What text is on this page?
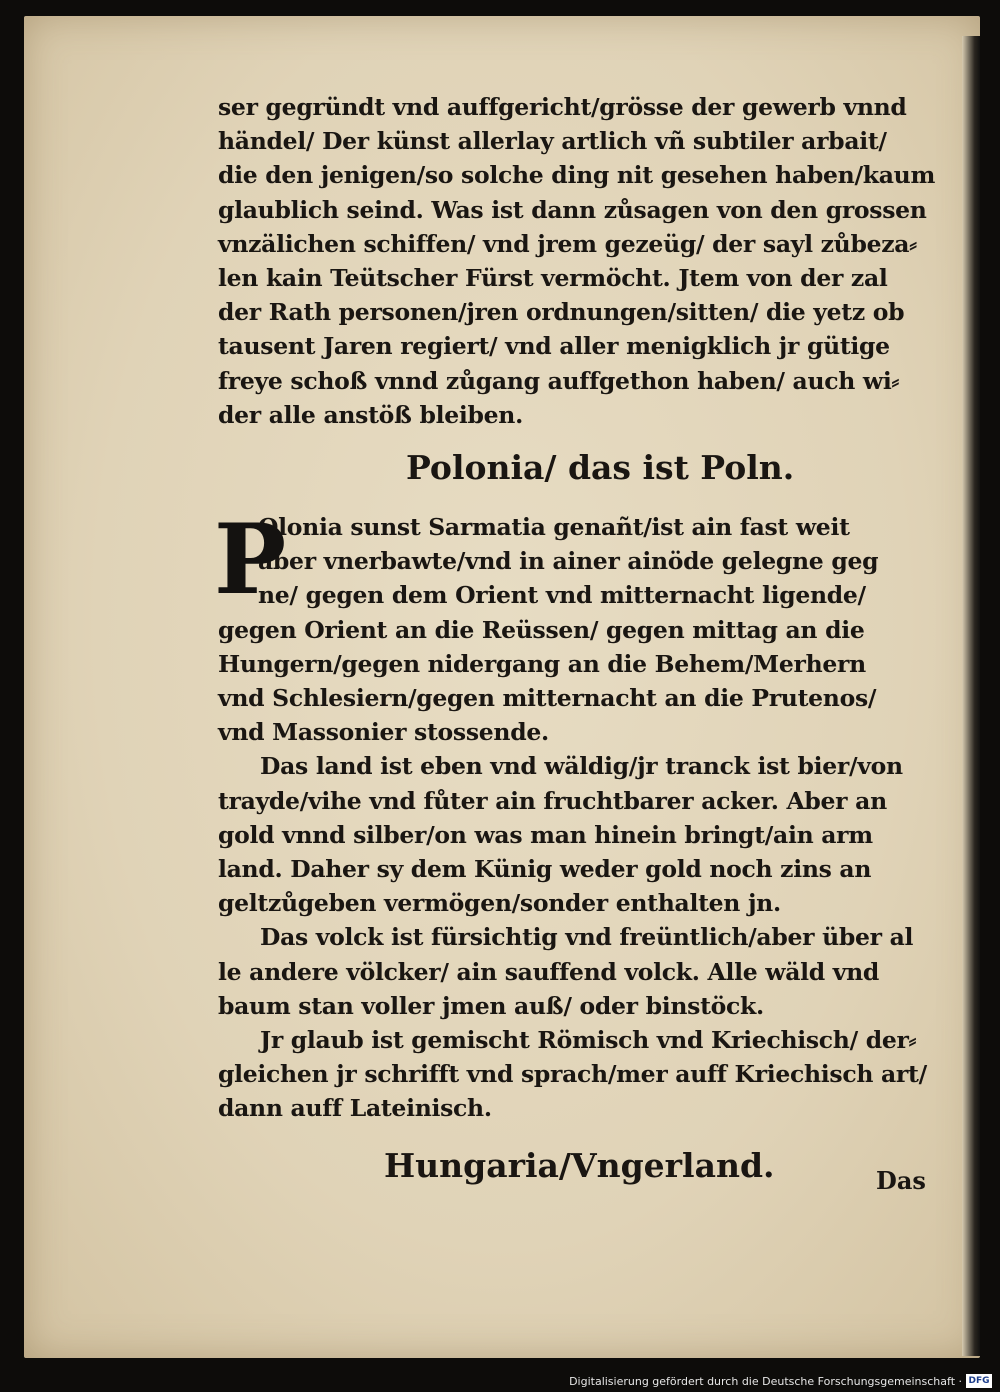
ser gegründt vnd auffgericht/grösse der gewerb vnnd
händel/ Der künst allerlay artlich vñ subtiler arbait/
die den jenigen/so solche ding nit gesehen haben/kaum
glaublich seind. Was ist dann zůsagen von den grossen
vnzälichen schiffen/ vnd jrem gezeüg/ der sayl zůbeza⸗
len kain Teütscher Fürst vermöcht. Jtem von der zal
der Rath personen/jren ordnungen/sitten/ die yetz ob
tausent Jaren regiert/ vnd aller menigklich jr gütige
freye schoß vnnd zůgang auffgethon haben/ auch wi⸗
der alle anstöß bleiben.
Polonia/ das ist Poln.
P
Olonia sunst Sarmatia genañt/ist ain fast weit
aber vnerbawte/vnd in ainer ainöde gelegne geg
ne/ gegen dem Orient vnd mitternacht ligende/
gegen Orient an die Reüssen/ gegen mittag an die
Hungern/gegen nidergang an die Behem/Merhern
vnd Schlesiern/gegen mitternacht an die Prutenos/
vnd Massonier stossende.
Das land ist eben vnd wäldig/jr tranck ist bier/von
trayde/vihe vnd fůter ain fruchtbarer acker. Aber an
gold vnnd silber/on was man hinein bringt/ain arm
land. Daher sy dem Künig weder gold noch zins an
geltzůgeben vermögen/sonder enthalten jn.
Das volck ist fürsichtig vnd freüntlich/aber über al
le andere völcker/ ain sauffend volck. Alle wäld vnd
baum stan voller jmen auß/ oder binstöck.
Jr glaub ist gemischt Römisch vnd Kriechisch/ der⸗
gleichen jr schrifft vnd sprach/mer auff Kriechisch art/
dann auff Lateinisch.
Hungaria/Vngerland.	Das
Digitalisierung gefördert durch die Deutsche Forschungsgemeinschaft · DFG
